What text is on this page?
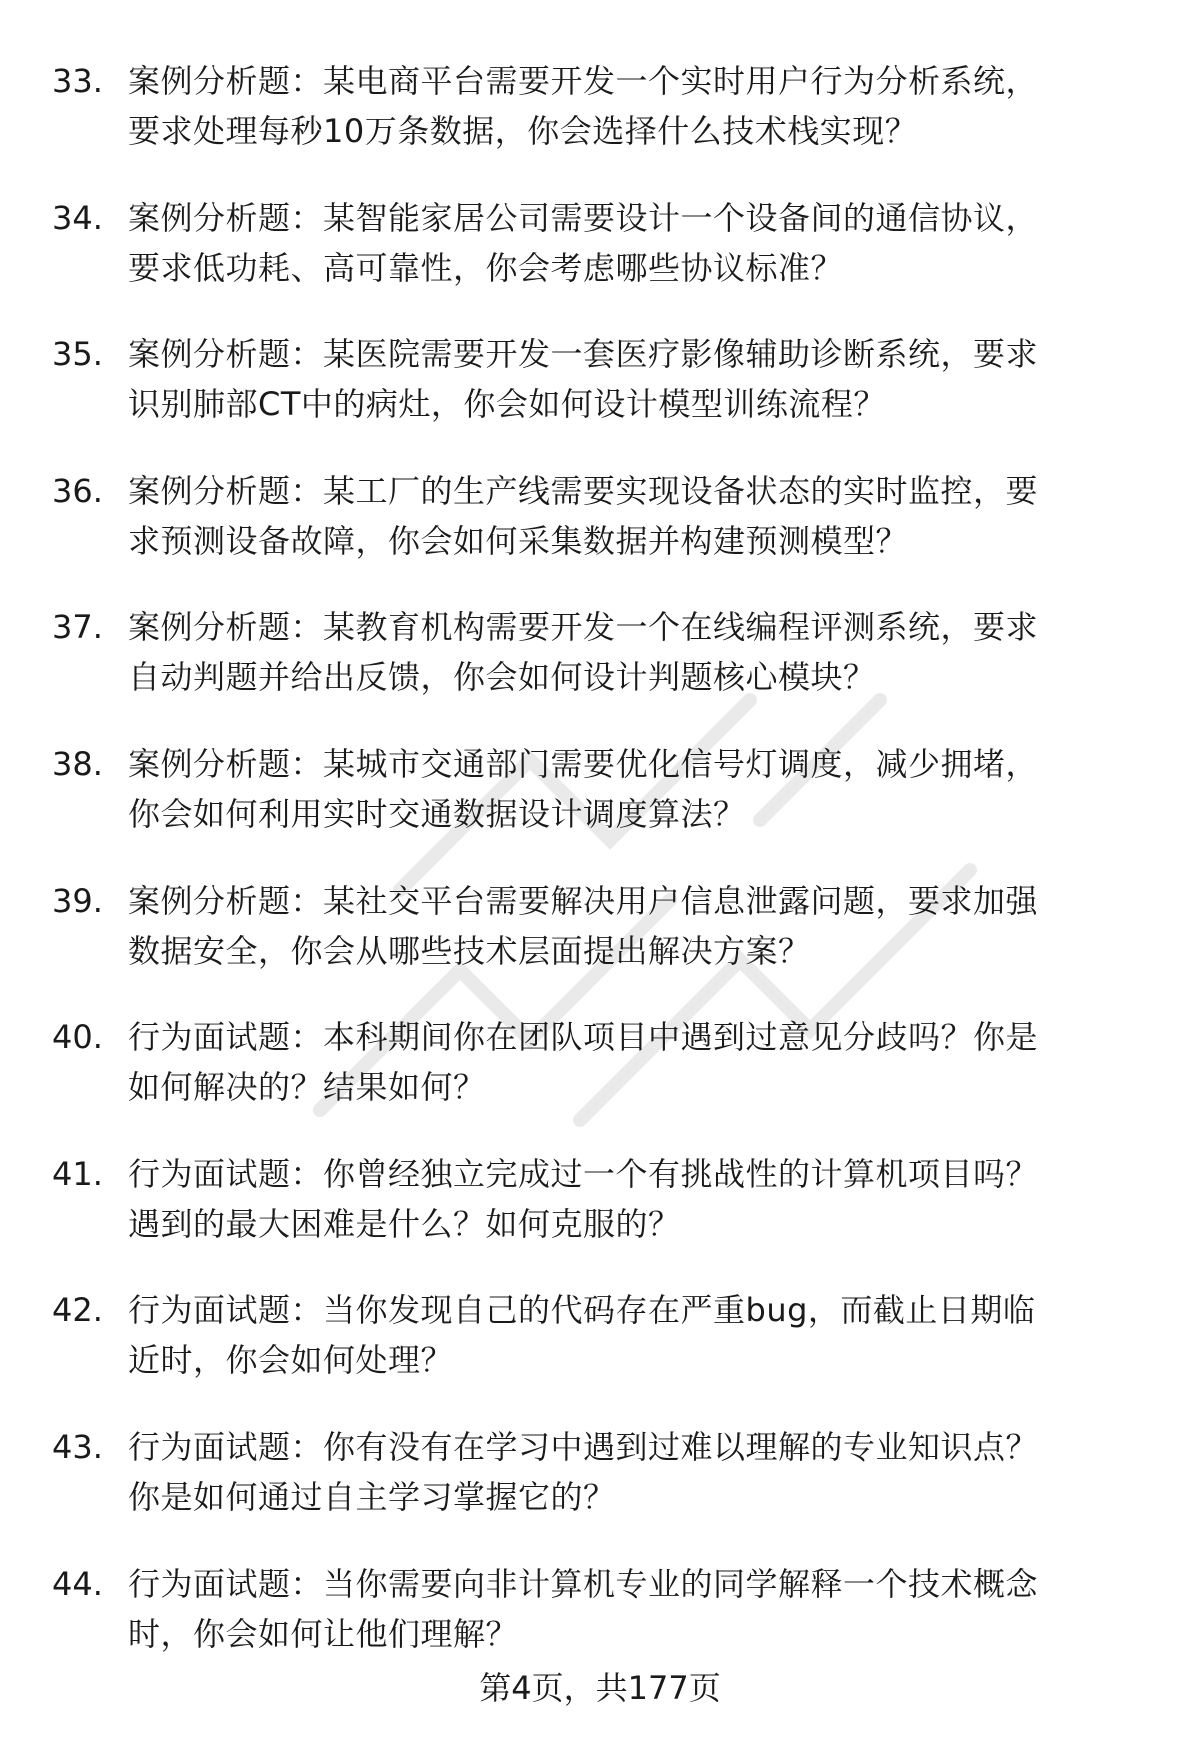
33. 案例分析题：某电商平台需要开发一个实时用户行为分析系统，
要求处理每秒10万条数据，你会选择什么技术栈实现？
34. 案例分析题：某智能家居公司需要设计一个设备间的通信协议，
要求低功耗、高可靠性，你会考虑哪些协议标准？
35. 案例分析题：某医院需要开发一套医疗影像辅助诊断系统，要求
识别肺部CT中的病灶，你会如何设计模型训练流程？
36. 案例分析题：某工厂的生产线需要实现设备状态的实时监控，要
求预测设备故障，你会如何采集数据并构建预测模型？
37. 案例分析题：某教育机构需要开发一个在线编程评测系统，要求
自动判题并给出反馈，你会如何设计判题核心模块？
38. 案例分析题：某城市交通部门需要优化信号灯调度，减少拥堵，
你会如何利用实时交通数据设计调度算法？
39. 案例分析题：某社交平台需要解决用户信息泄露问题，要求加强
数据安全，你会从哪些技术层面提出解决方案？
40. 行为面试题：本科期间你在团队项目中遇到过意见分歧吗？你是
如何解决的？结果如何？
41. 行为面试题：你曾经独立完成过一个有挑战性的计算机项目吗？
遇到的最大困难是什么？如何克服的？
42. 行为面试题：当你发现自己的代码存在严重bug，而截止日期临
近时，你会如何处理？
43. 行为面试题：你有没有在学习中遇到过难以理解的专业知识点？
你是如何通过自主学习掌握它的？
44. 行为面试题：当你需要向非计算机专业的同学解释一个技术概念
时，你会如何让他们理解？
第4页，共177页
